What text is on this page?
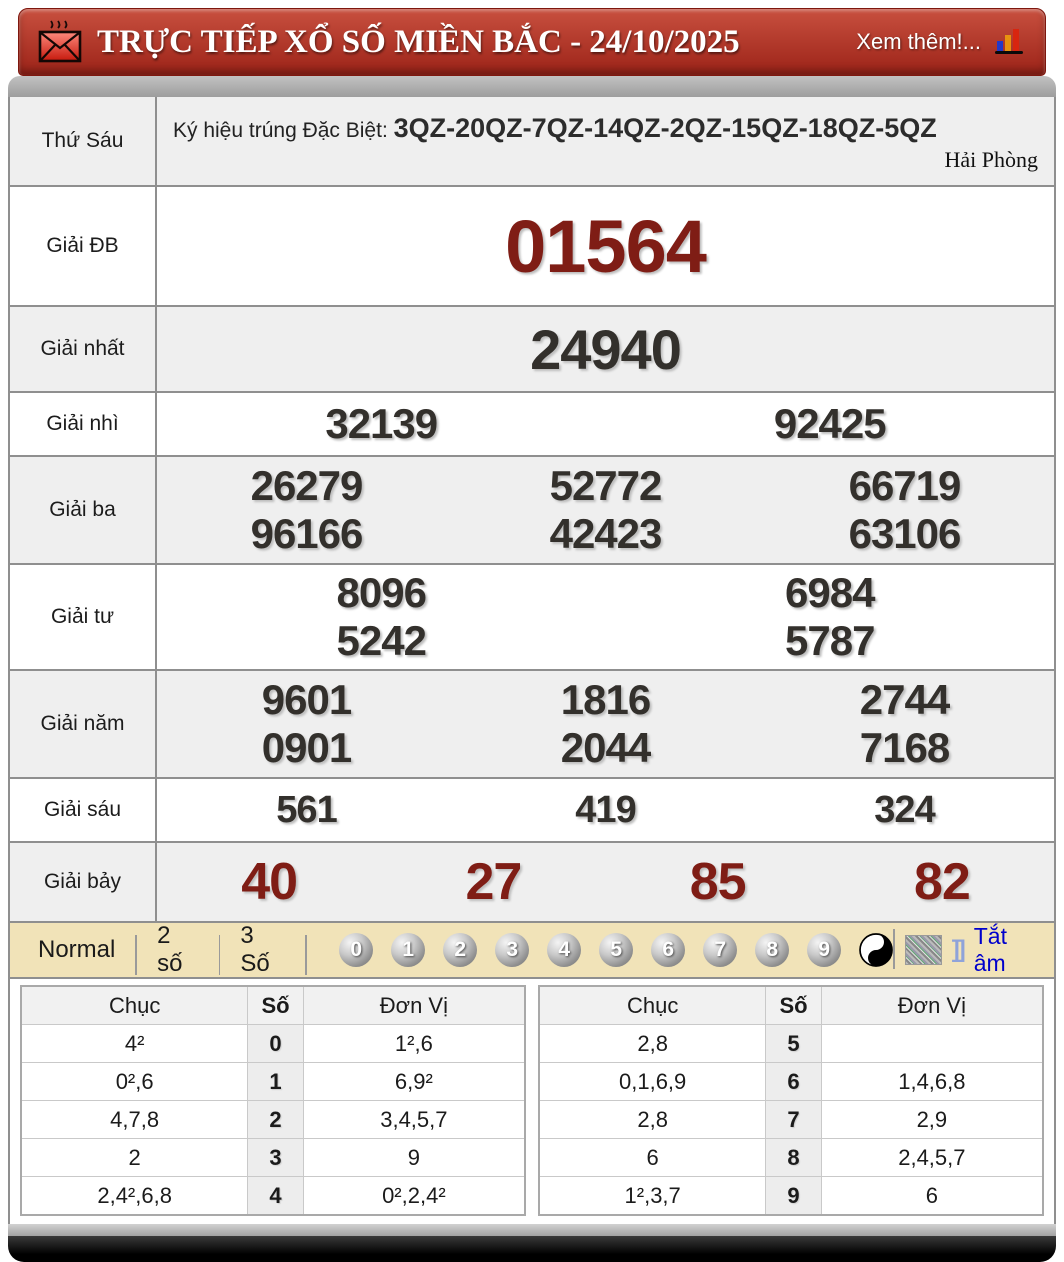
TRỰC TIẾP XỔ SỐ MIỀN BẮC - 24/10/2025	Xem thêm!...
Thứ Sáu	Ký hiệu trúng Đặc Biệt: 3QZ-20QZ-7QZ-14QZ-2QZ-15QZ-18QZ-5QZ
Hải Phòng
Giải ĐB	01564
Giải nhất	24940
Giải nhì	32139	92425
Giải ba
26279	52772	66719
96166	42423	63106
Giải tư
8096	6984
5242	5787
Giải năm
9601	1816	2744
0901	2044	7168
Giải sáu	561	419	324
Giải bảy	40	27	85	82
Normal
2 số
3 Số
0	1	2	3	4	5	6	7	8	9	]] Tắt âm
Chục	Số	Đơn Vị
4²	0	1²,6
0²,6	1	6,9²
4,7,8	2	3,4,5,7
2	3	9
2,4²,6,8	4	0²,2,4²
Chục	Số	Đơn Vị
2,8	5	
0,1,6,9	6	1,4,6,8
2,8	7	2,9
6	8	2,4,5,7
1²,3,7	9	6
